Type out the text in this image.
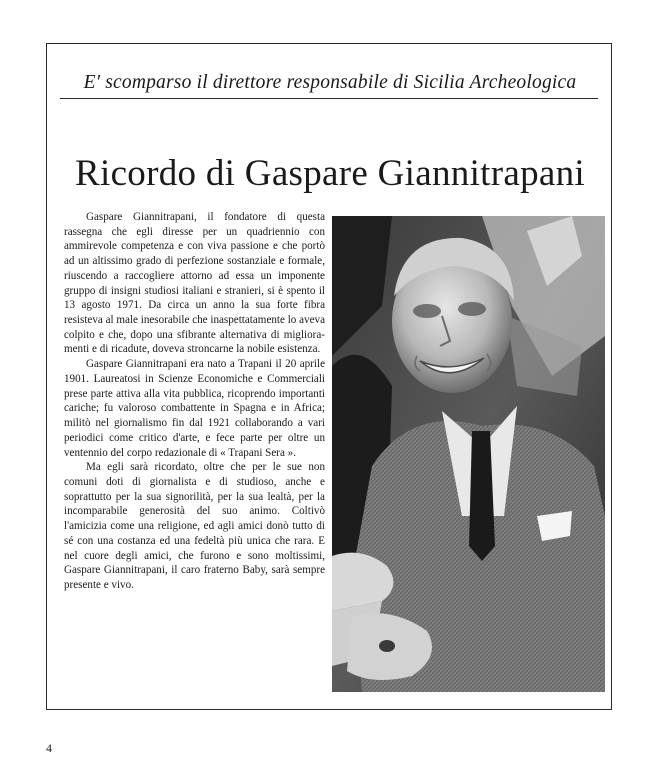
E' scomparso il direttore responsabile di Sicilia Archeologica
Ricordo di Gaspare Giannitrapani

Gaspare Giannitrapani, il fondatore di questa rassegna che egli diresse per un quadriennio con ammirevole competenza e con viva passione e che portò ad un altissimo grado di perfezione sostanziale e formale, riuscendo a raccogliere attorno ad essa un imponente gruppo di insigni studiosi italiani e stranieri, si è spento il 13 agosto 1971. Da circa un anno la sua forte fibra resisteva al male inesorabile che inaspettatamente lo aveva colpito e che, dopo una sfibrante alternativa di miglioramenti e di ricadute, doveva stroncarne la nobile esistenza.

Gaspare Giannitrapani era nato a Trapani il 20 aprile 1901. Laureatosi in Scienze Economiche e Commerciali prese parte attiva alla vita pubblica, ricoprendo importanti cariche; fu valoroso combattente in Spagna e in Africa; militò nel giornalismo fin dal 1921 collaborando a vari periodici come critico d'arte, e fece parte per oltre un ventennio del corpo redazionale di « Trapani Sera ».

Ma egli sarà ricordato, oltre che per le sue non comuni doti di giornalista e di studioso, anche e soprattutto per la sua signorilità, per la sua lealtà, per la incomparabile generosità del suo animo. Coltivò l'amicizia come una religione, ed agli amici donò tutto di sé con una costanza ed una fedeltà più unica che rara. E nel cuore degli amici, che furono e sono moltissimi, Gaspare Giannitrapani, il caro fraterno Baby, sarà sempre presente e vivo.

4
